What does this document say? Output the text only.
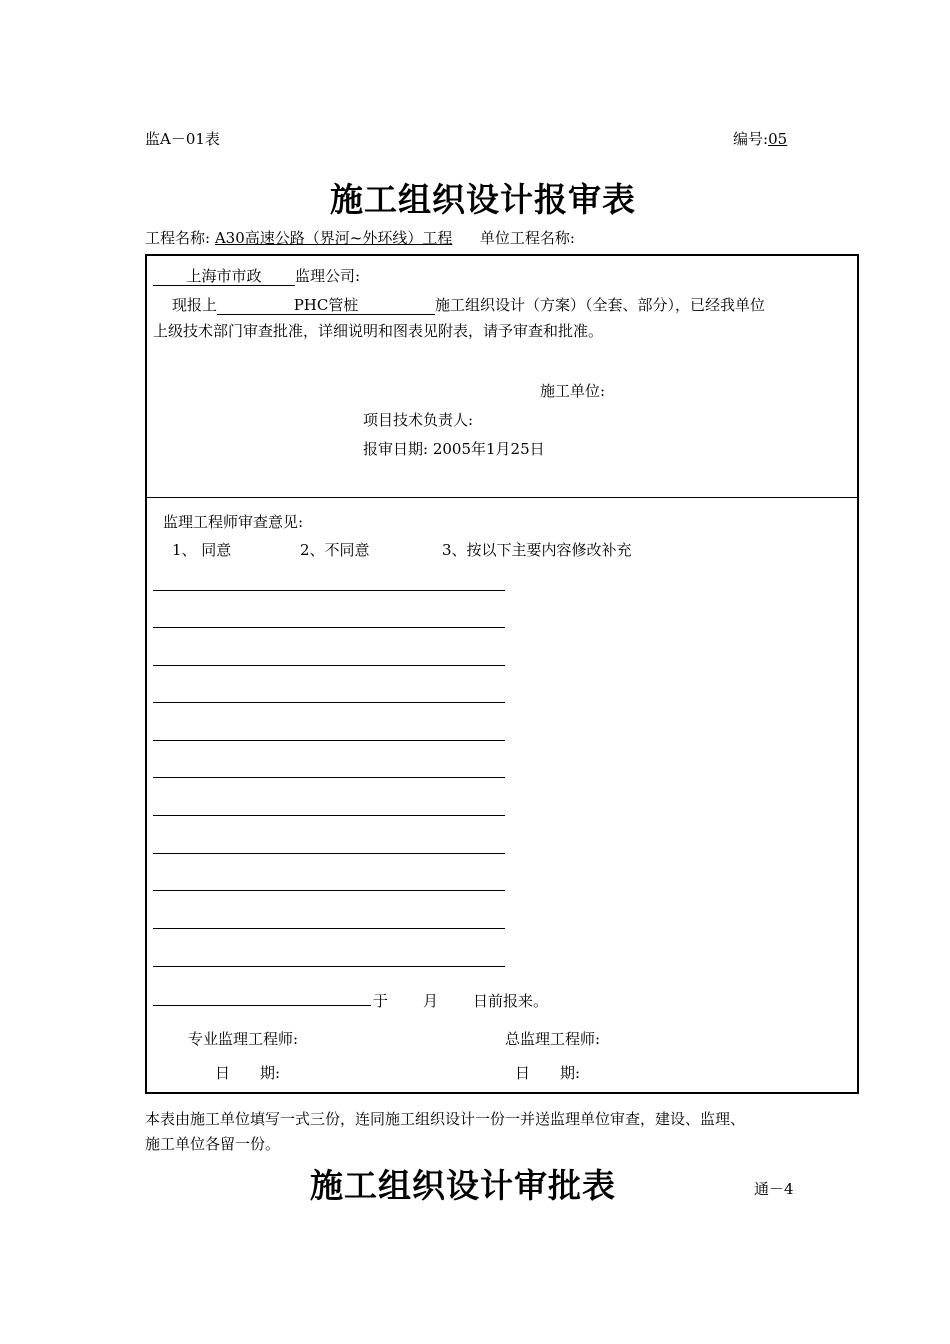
监A－01表	编号:05
施工组织设计报审表
工程名称: A30高速公路（界河~外环线）工程 单位工程名称:
上海市市政 监理公司:
现报上	PHC管桩	施工组织设计（方案）（全套、部分），已经我单位
上级技术部门审查批准，详细说明和图表见附表，请予审查和批准。
施工单位:
项目技术负责人:
报审日期: 2005年1月25日
监理工程师审查意见:
1、 同意	2、不同意	3、按以下主要内容修改补充
于 月 日前报来。
专业监理工程师:	总监理工程师:
日　　期:	日　　期:
本表由施工单位填写一式三份，连同施工组织设计一份一并送监理单位审查，建设、监理、
施工单位各留一份。
施工组织设计审批表	通－4
